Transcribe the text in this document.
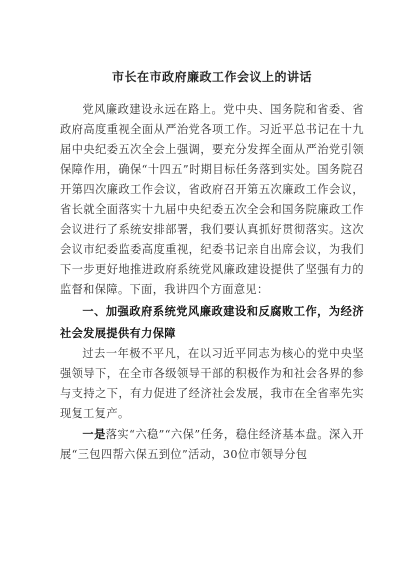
市长在市政府廉政工作会议上的讲话

党风廉政建设永远在路上。党中央、国务院和省委、省政府高度重视全面从严治党各项工作。习近平总书记在十九届中央纪委五次全会上强调，要充分发挥全面从严治党引领保障作用，确保“十四五”时期目标任务落到实处。国务院召开第四次廉政工作会议，省政府召开第五次廉政工作会议，省长就全面落实十九届中央纪委五次全会和国务院廉政工作会议进行了系统安排部署，我们要认真抓好贯彻落实。这次会议市纪委监委高度重视，纪委书记亲自出席会议，为我们下一步更好地推进政府系统党风廉政建设提供了坚强有力的监督和保障。下面，我讲四个方面意见：

一、加强政府系统党风廉政建设和反腐败工作，为经济社会发展提供有力保障

过去一年极不平凡，在以习近平同志为核心的党中央坚强领导下，在全市各级领导干部的积极作为和社会各界的参与支持之下，有力促进了经济社会发展，我市在全省率先实现复工复产。

一是落实“六稳”“六保”任务，稳住经济基本盘。深入开展“三包四帮六保五到位”活动，30位市领导分包
